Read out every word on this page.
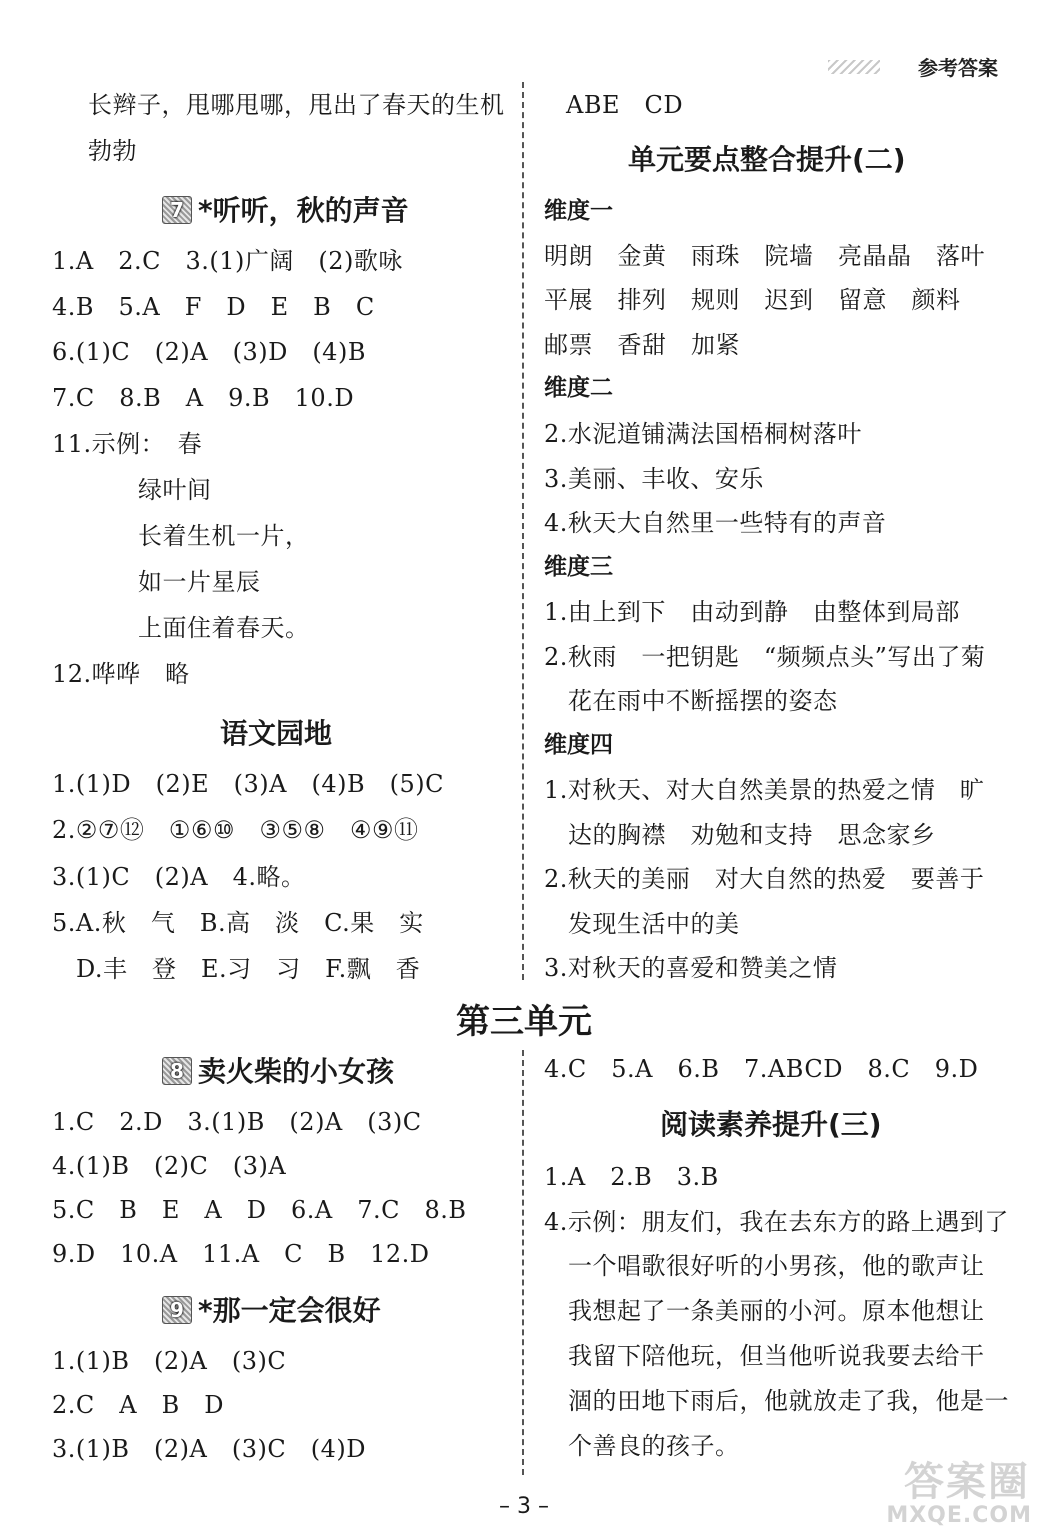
参考答案
长辫子，甩哪甩哪，甩出了春天的生机
勃勃
7 *听听，秋的声音
1.A　2.C　3.(1)广阔　(2)歌咏
4.B　5.A　F　D　E　B　C
6.(1)C　(2)A　(3)D　(4)B
7.C　8.B　A　9.B　10.D
11.示例：　春
绿叶间
长着生机一片，
如一片星辰
上面住着春天。
12.哗哗　略
语文园地
1.(1)D　(2)E　(3)A　(4)B　(5)C
2.②⑦⑫　①⑥⑩　③⑤⑧　④⑨⑪
3.(1)C　(2)A　4.略。
5.A.秋　气　B.高　淡　C.果　实
D.丰　登　E.习　习　F.飘　香
ABE　CD
单元要点整合提升(二)
维度一
明朗　金黄　雨珠　院墙　亮晶晶　落叶
平展　排列　规则　迟到　留意　颜料
邮票　香甜　加紧
维度二
2.水泥道铺满法国梧桐树落叶
3.美丽、丰收、安乐
4.秋天大自然里一些特有的声音
维度三
1.由上到下　由动到静　由整体到局部
2.秋雨　一把钥匙　“频频点头”写出了菊
花在雨中不断摇摆的姿态
维度四
1.对秋天、对大自然美景的热爱之情　旷
达的胸襟　劝勉和支持　思念家乡
2.秋天的美丽　对大自然的热爱　要善于
发现生活中的美
3.对秋天的喜爱和赞美之情
第三单元
8 卖火柴的小女孩
1.C　2.D　3.(1)B　(2)A　(3)C
4.(1)B　(2)C　(3)A
5.C　B　E　A　D　6.A　7.C　8.B
9.D　10.A　11.A　C　B　12.D
9 *那一定会很好
1.(1)B　(2)A　(3)C
2.C　A　B　D
3.(1)B　(2)A　(3)C　(4)D
4.C　5.A　6.B　7.ABCD　8.C　9.D
阅读素养提升(三)
1.A　2.B　3.B
4.示例：朋友们，我在去东方的路上遇到了
一个唱歌很好听的小男孩，他的歌声让
我想起了一条美丽的小河。原本他想让
我留下陪他玩，但当他听说我要去给干
涸的田地下雨后，他就放走了我，他是一
个善良的孩子。
– 3 –
答案圈
MXQE.COM
